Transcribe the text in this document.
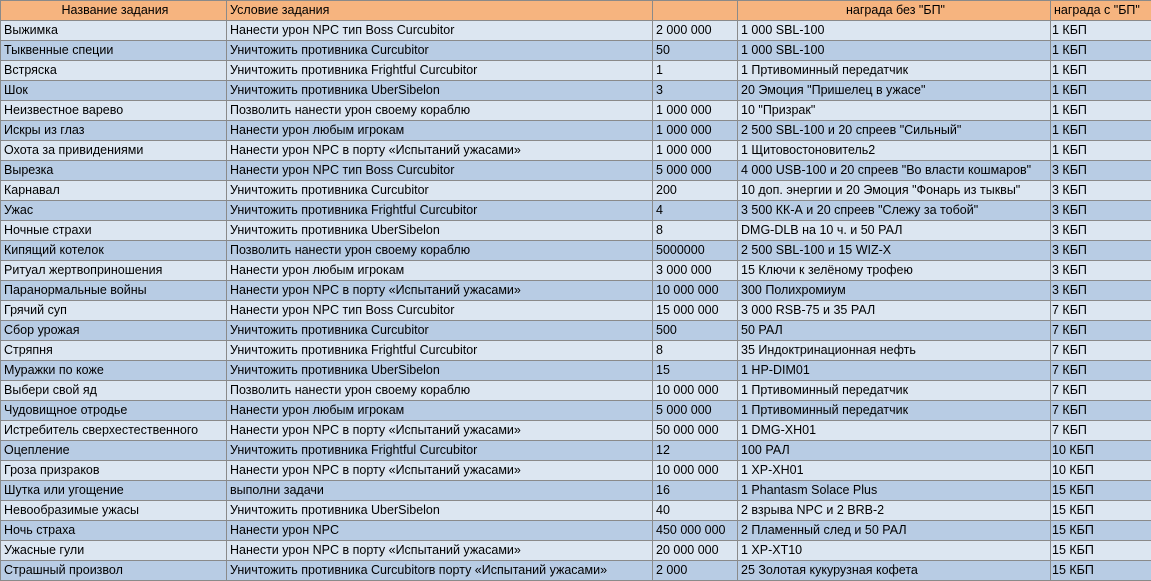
Название задания	Условие задания		награда без "БП"	награда с "БП"
Выжимка	Нанести урон NPC тип Boss Curcubitor	2 000 000	1 000 SBL-100	1 КБП
Тыквенные специи	Уничтожить противника Curcubitor	50	1 000 SBL-100	1 КБП
Встряска	Уничтожить противника Frightful Curcubitor	1	1 Пртивоминный передатчик	1 КБП
Шок	Уничтожить противника UberSibelon	3	20 Эмоция "Пришелец в ужасе"	1 КБП
Неизвестное варево	Позволить нанести урон своему кораблю	1 000 000	10 "Призрак"	1 КБП
Искры из глаз	Нанести урон любым игрокам	1 000 000	2 500 SBL-100 и 20 спреев "Сильный"	1 КБП
Охота за привидениями	Нанести урон NPC в порту «Испытаний ужасами»	1 000 000	1 Щитовостоновитель2	1 КБП
Вырезка	Нанести урон NPC тип Boss Curcubitor	5 000 000	4 000 USB-100 и 20 спреев "Во власти кошмаров"	3 КБП
Карнавал	Уничтожить противника Curcubitor	200	10 доп. энергии и 20 Эмоция "Фонарь из тыквы"	3 КБП
Ужас	Уничтожить противника Frightful Curcubitor	4	3 500 КК-А и 20 спреев "Слежу за тобой"	3 КБП
Ночные страхи	Уничтожить противника UberSibelon	8	DMG-DLB на 10 ч. и 50 РАЛ	3 КБП
Кипящий котелок	Позволить нанести урон своему кораблю	5000000	2 500 SBL-100 и 15 WIZ-X	3 КБП
Ритуал жертвоприношения	Нанести урон любым игрокам	3 000 000	15 Ключи к зелёному трофею	3 КБП
Паранормальные войны	Нанести урон NPC в порту «Испытаний ужасами»	10 000 000	300 Полихромиум	3 КБП
Грячий суп	Нанести урон NPC тип Boss Curcubitor	15 000 000	3 000 RSB-75 и 35 РАЛ	7 КБП
Сбор урожая	Уничтожить противника Curcubitor	500	50 РАЛ	7 КБП
Стряпня	Уничтожить противника Frightful Curcubitor	8	35 Индоктринационная нефть	7 КБП
Муражки по коже	Уничтожить противника UberSibelon	15	1 HP-DIM01	7 КБП
Выбери свой яд	Позволить нанести урон своему кораблю	10 000 000	1 Пртивоминный передатчик	7 КБП
Чудовищное отродье	Нанести урон любым игрокам	5 000 000	1 Пртивоминный передатчик	7 КБП
Истребитель сверхестественного	Нанести урон NPC в порту «Испытаний ужасами»	50 000 000	1 DMG-XH01	7 КБП
Оцепление	Уничтожить противника Frightful Curcubitor	12	100 РАЛ	10 КБП
Гроза призраков	Нанести урон NPC в порту «Испытаний ужасами»	10 000 000	1 XP-XH01	10 КБП
Шутка или угощение	выполни задачи	16	1 Phantasm Solace Plus	15 КБП
Невообразимые ужасы	Уничтожить противника UberSibelon	40	2 взрыва NPC и 2 BRB-2	15 КБП
Ночь страха	Нанести урон NPC	450 000 000	2 Пламенный след и 50 РАЛ	15 КБП
Ужасные гули	Нанести урон NPC в порту «Испытаний ужасами»	20 000 000	1 XP-XT10	15 КБП
Страшный произвол	Уничтожить противника Curcubitorв порту «Испытаний ужасами»	2 000	25 Золотая кукурузная кофета	15 КБП
